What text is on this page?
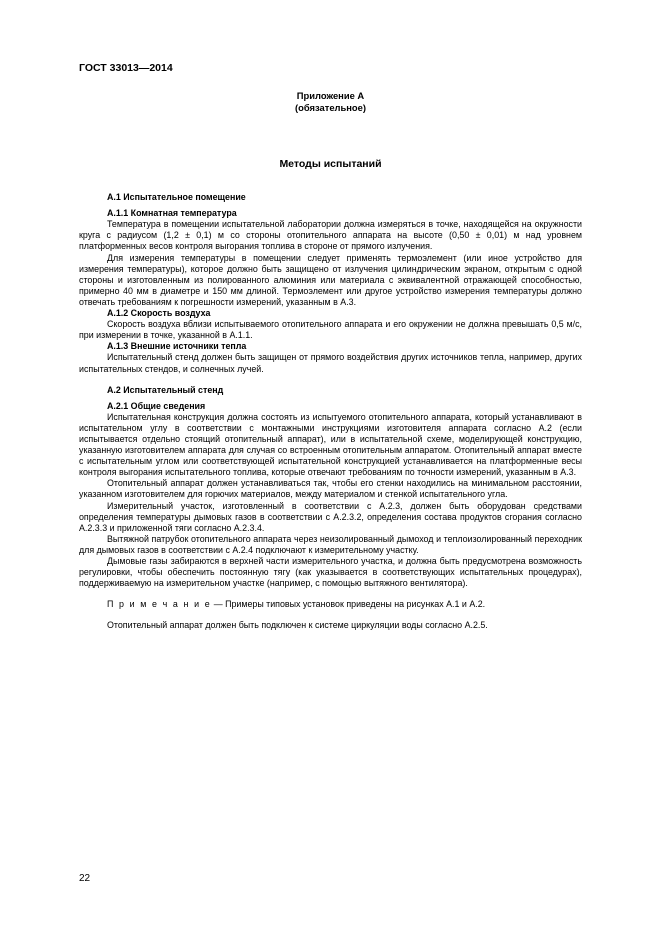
ГОСТ 33013—2014
Приложение А
(обязательное)
Методы испытаний
А.1 Испытательное помещение
А.1.1 Комнатная температура

Температура в помещении испытательной лаборатории должна измеряться в точке, находящейся на окружности круга с радиусом (1,2 ± 0,1) м со стороны отопительного аппарата на высоте (0,50 ± 0,01) м над уровнем платформенных весов контроля выгорания топлива в стороне от прямого излучения.

Для измерения температуры в помещении следует применять термоэлемент (или иное устройство для измерения температуры), которое должно быть защищено от излучения цилиндрическим экраном, открытым с одной стороны и изготовленным из полированного алюминия или материала с эквивалентной отражающей способностью, примерно 40 мм в диаметре и 150 мм длиной. Термоэлемент или другое устройство измерения температуры должно отвечать требованиям к погрешности измерений, указанным в А.3.

А.1.2 Скорость воздуха

Скорость воздуха вблизи испытываемого отопительного аппарата и его окружении не должна превышать 0,5 м/с, при измерении в точке, указанной в А.1.1.

А.1.3 Внешние источники тепла

Испытательный стенд должен быть защищен от прямого воздействия других источников тепла, например, других испытательных стендов, и солнечных лучей.

А.2 Испытательный стенд
А.2.1 Общие сведения

Испытательная конструкция должна состоять из испытуемого отопительного аппарата, который устанавливают в испытательном углу в соответствии с монтажными инструкциями изготовителя аппарата согласно А.2 (если испытывается отдельно стоящий отопительный аппарат), или в испытательной схеме, моделирующей конструкцию, указанную изготовителем аппарата для случая со встроенным отопительным аппаратом. Отопительный аппарат вместе с испытательным углом или соответствующей испытательной конструкцией устанавливается на платформенные весы контроля выгорания испытательного топлива, которые отвечают требованиям по точности измерений, указанным в А.3.

Отопительный аппарат должен устанавливаться так, чтобы его стенки находились на минимальном расстоянии, указанном изготовителем для горючих материалов, между материалом и стенкой испытательного угла.

Измерительный участок, изготовленный в соответствии с А.2.3, должен быть оборудован средствами определения температуры дымовых газов в соответствии с А.2.3.2, определения состава продуктов сгорания согласно А.2.3.3 и приложенной тяги согласно А.2.3.4.

Вытяжной патрубок отопительного аппарата через неизолированный дымоход и теплоизолированный переходник для дымовых газов в соответствии с А.2.4 подключают к измерительному участку.

Дымовые газы забираются в верхней части измерительного участка, и должна быть предусмотрена возможность регулировки, чтобы обеспечить постоянную тягу (как указывается в соответствующих испытательных процедурах), поддерживаемую на измерительном участке (например, с помощью вытяжного вентилятора).

П р и м е ч а н и е — Примеры типовых установок приведены на рисунках А.1 и А.2.

Отопительный аппарат должен быть подключен к системе циркуляции воды согласно А.2.5.

22
